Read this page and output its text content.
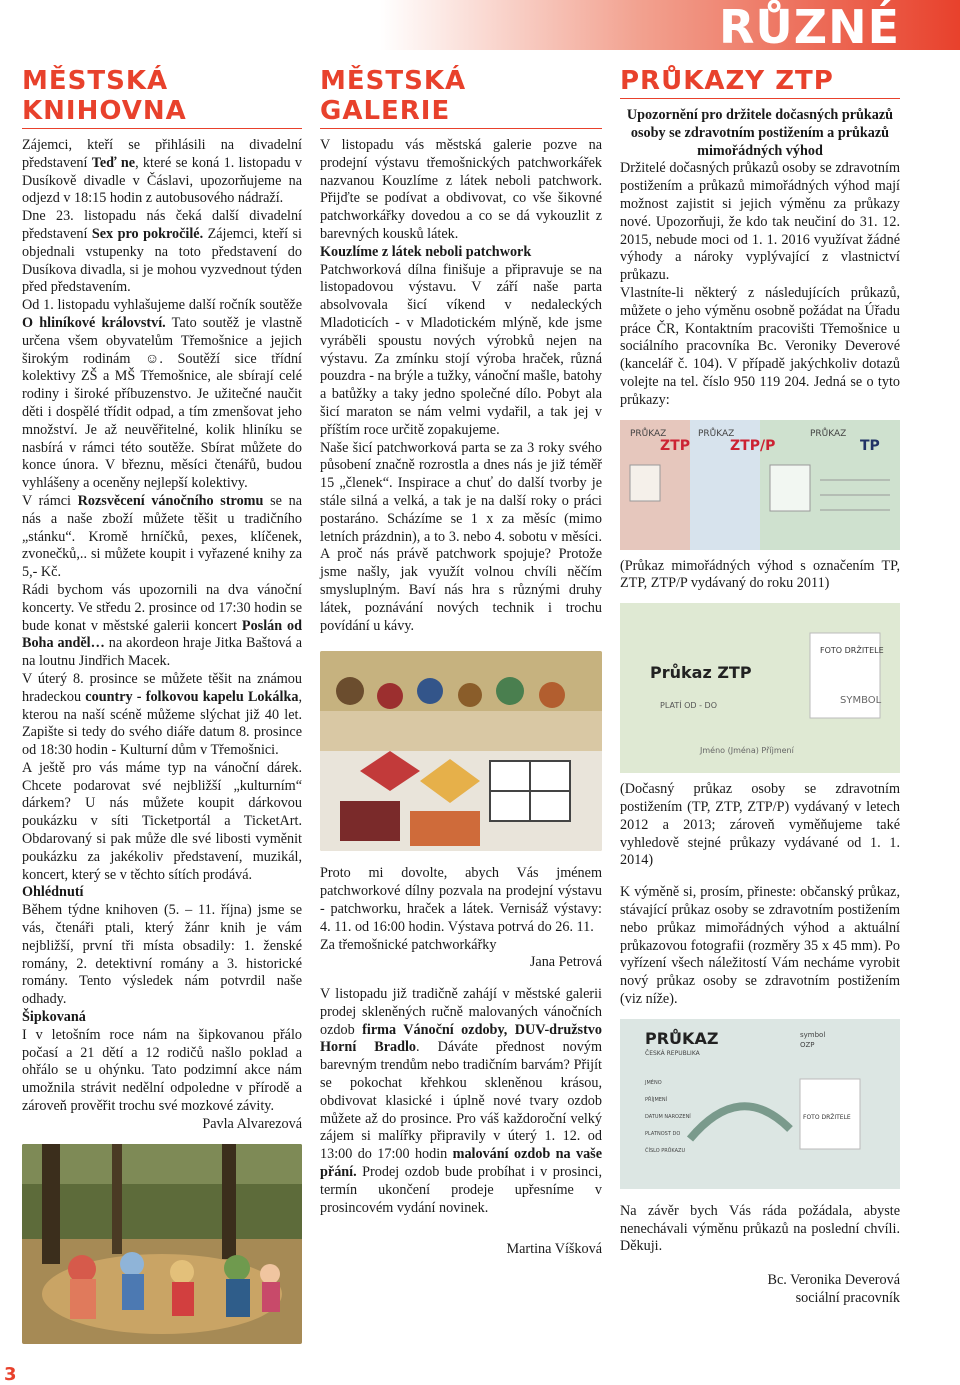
RŮZNÉ
MĚSTSKÁ KNIHOVNA

Zájemci, kteří se přihlásili na divadelní představení Teď ne, které se koná 1. listopadu v Dusíkově divadle v Čáslavi, upozorňujeme na odjezd v 18:15 hodin z autobusového nádraží.

Dne 23. listopadu nás čeká další divadelní představení Sex pro pokročilé. Zájemci, kteří si objednali vstupenky na toto představení do Dusíkova divadla, si je mohou vyzvednout týden před představením.

Od 1. listopadu vyhlašujeme další ročník soutěže O hliníkové království. Tato soutěž je vlastně určena všem obyvatelům Třemošnice a jejich širokým rodinám ☺. Soutěží sice třídní kolektivy ZŠ a MŠ Třemošnice, ale sbírají celé rodiny i široké příbuzenstvo. Je užitečné naučit děti i dospělé třídit odpad, a tím zmenšovat jeho množství. Je až neuvěřitelné, kolik hliníku se nasbírá v rámci této soutěže. Sbírat můžete do konce února. V březnu, měsíci čtenářů, budou vyhlášeny a oceněny nejlepší kolektivy.

V rámci Rozsvěcení vánočního stromu se na nás a naše zboží můžete těšit u tradičního „stánku“. Kromě hrníčků, pexes, klíčenek, zvonečků,.. si můžete koupit i vyřazené knihy za 5,- Kč.

Rádi bychom vás upozornili na dva vánoční koncerty. Ve středu 2. prosince od 17:30 hodin se bude konat v městské galerii koncert Poslán od Boha anděl… na akordeon hraje Jitka Baštová a na loutnu Jindřich Macek.

V úterý 8. prosince se můžete těšit na známou hradeckou country - folkovou kapelu Lokálka, kterou na naší scéně můžeme slýchat již 40 let. Zapište si tedy do svého diáře datum 8. prosince od 18:30 hodin - Kulturní dům v Třemošnici.

A ještě pro vás máme typ na vánoční dárek. Chcete podarovat své nejbližší „kulturním“ dárkem? U nás můžete koupit dárkovou poukázku v síti Ticketportál a TicketArt. Obdarovaný si pak může dle své libosti vyměnit poukázku za jakékoliv představení, muzikál, koncert, který se v těchto sítích prodává.

Ohlédnutí

Během týdne knihoven (5. – 11. října) jsme se vás, čtenáři ptali, který žánr knih je vám nejbližší, první tři místa obsadily: 1. ženské romány, 2. detektivní romány a 3. historické romány. Tento výsledek nám potvrdil naše odhady.

Šipkovaná

I v letošním roce nám na šipkovanou přálo počasí a 21 dětí a 12 rodičů našlo poklad a ohřálo se u ohýnku. Tato podzimní akce nám umožnila strávit nedělní odpoledne v přírodě a zároveň prověřit trochu své mozkové závity.

Pavla Alvarezová

MĚSTSKÁ GALERIE

V listopadu vás městská galerie pozve na prodejní výstavu třemošnických patchworkářek nazvanou Kouzlíme z látek neboli patchwork. Přijďte se podívat a obdivovat, co vše šikovné patchworkářky dovedou a co se dá vykouzlit z barevných kousků látek.

Kouzlíme z látek neboli patchwork

Patchworková dílna finišuje a připravuje se na listopadovou výstavu. V září naše parta absolvovala šicí víkend v nedaleckých Mladoticích - v Mladotickém mlýně, kde jsme vyráběli spoustu nových výrobků nejen na výstavu. Za zmínku stojí výroba hraček, různá pouzdra - na brýle a tužky, vánoční mašle, batohy a batůžky a taky jedno společné dílo. Pobyt ala šicí maraton se nám velmi vydařil, a tak jej v příštím roce určitě zopakujeme.

Naše šicí patchworková parta se za 3 roky svého působení značně rozrostla a dnes nás je již téměř 15 „členek“. Inspirace a chuť do další tvorby je stále silná a velká, a tak je na další roky o práci postaráno. Scházíme se 1 x za měsíc (mimo letních prázdnin), a to 3. nebo 4. sobotu v měsíci. A proč nás právě patchwork spojuje? Protože jsme našly, jak využít volnou chvíli něčím smysluplným. Baví nás hra s různými druhy látek, poznávání nových technik i trochu povídání u kávy.

Proto mi dovolte, abych Vás jménem patchworkové dílny pozvala na prodejní výstavu - patchworku, hraček a látek. Vernisáž výstavy: 4. 11. od 16:00 hodin. Výstava potrvá do 26. 11.

Za třemošnické patchworkářky

Jana Petrová

V listopadu již tradičně zahájí v městské galerii prodej skleněných ručně malovaných vánočních ozdob firma Vánoční ozdoby, DUV-družstvo Horní Bradlo. Dáváte přednost novým barevným trendům nebo tradičním barvám? Přijít se pokochat křehkou skleněnou krásou, obdivovat klasické i úplně nové tvary ozdob můžete až do prosince. Pro váš každoroční velký zájem si malířky připravily v úterý 1. 12. od 13:00 do 17:00 hodin malování ozdob na vaše přání. Prodej ozdob bude probíhat i v prosinci, termín ukončení prodeje upřesníme v prosincovém vydání novinek.

Martina Víšková

PRŮKAZY ZTP

Upozornění pro držitele dočasných průkazů osoby se zdravotním postižením a průkazů mimořádných výhod

Držitelé dočasných průkazů osoby se zdravotním postižením a průkazů mimořádných výhod mají možnost zajistit si jejich výměnu za průkazy nové. Upozorňuji, že kdo tak neučiní do 31. 12. 2015, nebude moci od 1. 1. 2016 využívat žádné výhody a nároky vyplývající z vlastnictví průkazu.

Vlastníte-li některý z následujících průkazů, můžete o jeho výměnu osobně požádat na Úřadu práce ČR, Kontaktním pracovišti Třemošnice u sociálního pracovníka Bc. Veroniky Deverové (kancelář č. 104). V případě jakýchkoliv dotazů volejte na tel. číslo 950 119 204. Jedná se o tyto průkazy:

PRŮKAZ
ZTP
PRŮKAZ
ZTP/P
PRŮKAZ
TP

(Průkaz mimořádných výhod s označením TP, ZTP, ZTP/P vydávaný do roku 2011)

FOTO DRŽITELE
Průkaz ZTP
PLATÍ OD - DO	SYMBOL
Jméno (Jména) Příjmení

(Dočasný průkaz osoby se zdravotním postižením (TP, ZTP, ZTP/P) vydávaný v letech 2012 a 2013; zároveň vyměňujeme také vyhledově stejné průkazy vydávané od 1. 1. 2014)

K výměně si, prosím, přineste: občanský průkaz, stávající průkaz osoby se zdravotním postižením nebo průkaz mimořádných výhod a aktuální průkazovou fotografii (rozměry 35 x 45 mm). Po vyřízení všech náležitostí Vám necháme vyrobit nový průkaz osoby se zdravotním postižením (viz níže).

PRŮKAZ
ČESKÁ REPUBLIKA
symbol
OZP
FOTO DRŽITELE
JMÉNO
PŘÍJMENÍ
DATUM NAROZENÍ
PLATNOST DO
ČÍSLO PRŮKAZU

Na závěr bych Vás ráda požádala, abyste nenechávali výměnu průkazů na poslední chvíli. Děkuji.

Bc. Veronika Deverová

sociální pracovník

3
